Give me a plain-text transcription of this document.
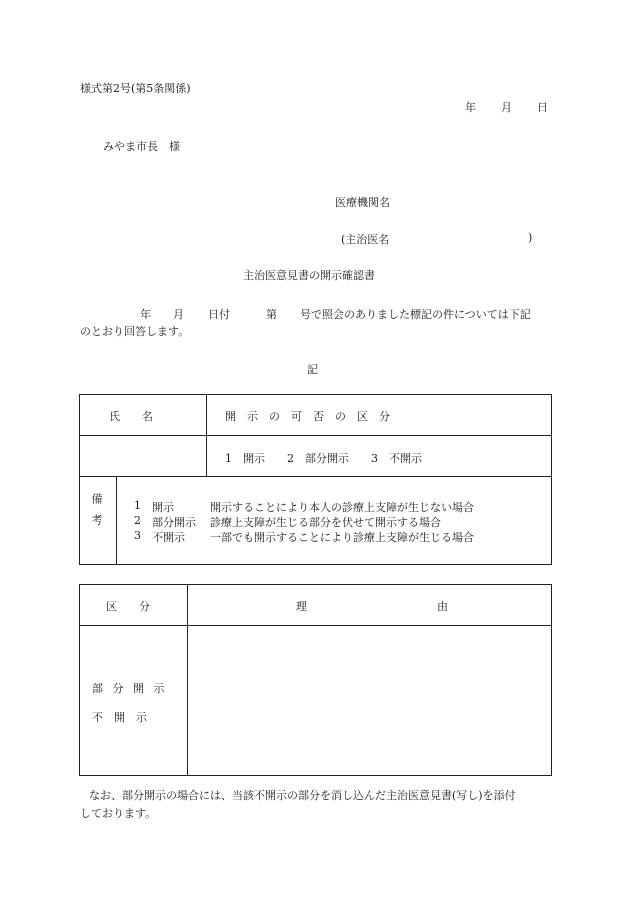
様式第2号(第5条関係)
年 月 日
みやま市長　様
医療機関名
(主治医名	)
主治医意見書の開示確認書
年 月 日付	第 号で照会のありました標記の件については下記
のとおり回答します。
記
氏　　名	開　示　の　可　否　の　区　分
1　開示　　2　部分開示　　3　不開示
備考	1 開示	開示することにより本人の診療上支障が生じない場合
2 部分開示 診療上支障が生じる部分を伏せて開示する場合
3 不開示 一部でも開示することにより診療上支障が生じる場合
区　　分	理	由
部 分 開 示
不　開　示
なお、部分開示の場合には、当該不開示の部分を消し込んだ主治医意見書(写し)を添付
しております。
